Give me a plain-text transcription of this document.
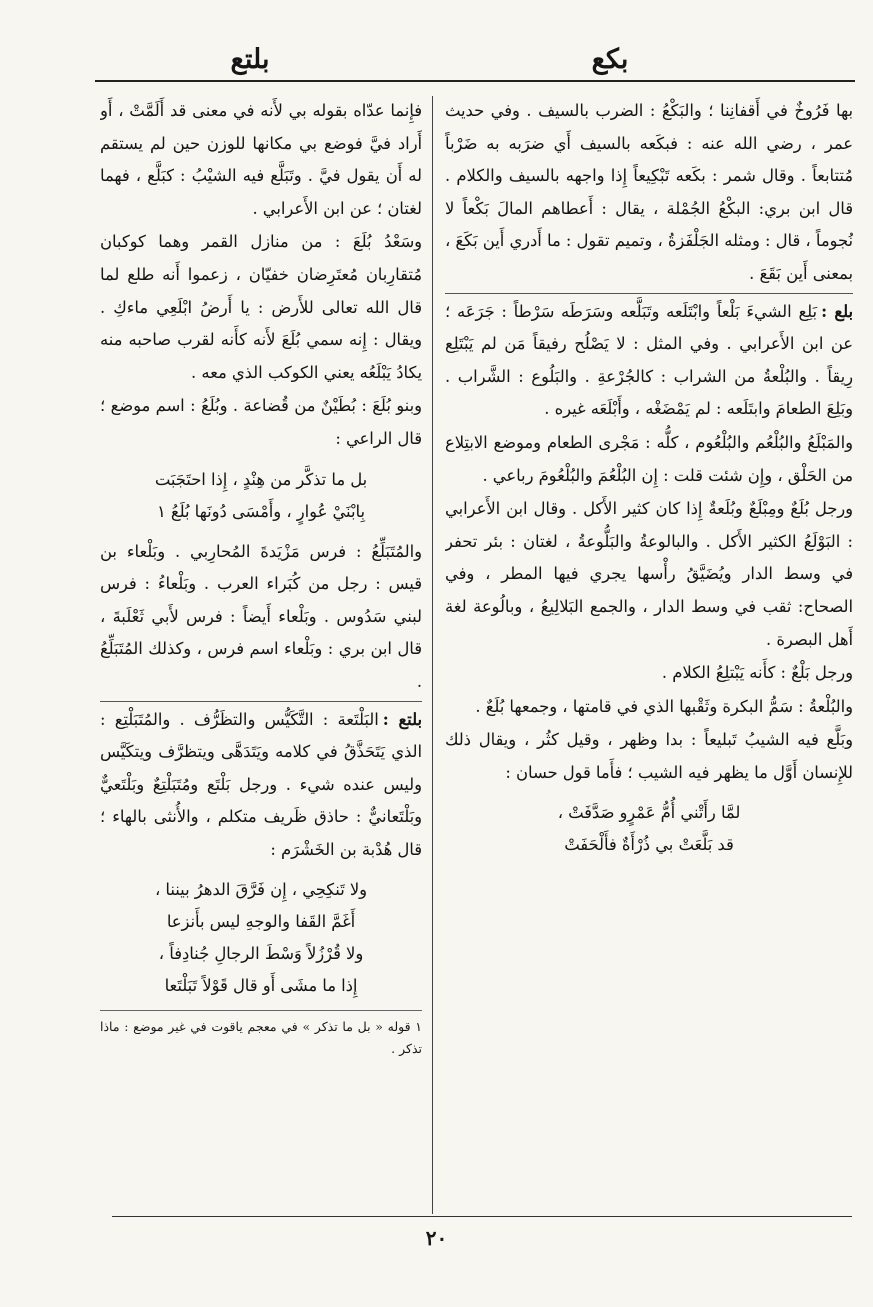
بكع
بلتع

بها فَرُوخٌ في أَقفانِنا ؛ والبَكْعُ : الضرب بالسيف . وفي حديث عمر ، رضي الله عنه : فبكَعه بالسيف أَي ضرَبه به ضَرْباً مُتتابعاً . وقال شمر : بكَعه تَبْكِيعاً إِذا واجهه بالسيف والكلام . قال ابن بري: البكْعُ الجُمْلة ، يقال : أَعطاهم المالَ بَكْعاً لا نُجوماً ، قال : ومثله الجَلْفَزةُ ، وتميم تقول : ما أَدري أَين بَكَعَ ، بمعنى أَين بَقَعَ .

بلع :بَلِع الشيءَ بَلْعاً وابْتَلَعه وتَبَلَّعه وسَرَطَه سَرْطاً : جَرَعَه ؛ عن ابن الأَعرابي . وفي المثل : لا يَصْلُح رفيقاً مَن لم يَبْتَلِع رِيقاً . والبُلْعةُ من الشراب : كالجُرْعةِ . والبَلُوع : الشَّراب . وبَلِعَ الطعامَ وابتَلَعه : لم يَمْضَغْه ، وأَبْلَعَه غيره .

والمَبْلَعُ والبُلْعُم والبُلْعُوم ، كلُّه : مَجْرى الطعام وموضع الابتِلاع من الحَلْق ، وإِن شئت قلت : إِن البُلْعُمَ والبُلْعُومَ رباعي .

ورجل بُلَعٌ ومِبْلَعٌ وبُلَعةٌ إِذا كان كثير الأَكل . وقال ابن الأَعرابي : البَوْلَعُ الكثير الأَكل . والبالوعةُ والبَلُّوعةُ ، لغتان : بئر تحفر في وسط الدار ويُضَيَّقُ رأْسها يجري فيها المطر ، وفي الصحاح: ثقب في وسط الدار ، والجمع البَلالِيعُ ، وبالُوعة لغة أَهل البصرة .

ورجل بَلْعٌ : كأَنه يَبْتلِعُ الكلام .

والبُلْعةُ : سَمُّ البكرة وثَقْبها الذي في قامتها ، وجمعها بُلَعٌ .

وبَلَّع فيه الشيبُ تَبليعاً : بدا وظهر ، وقيل كثُر ، ويقال ذلك للإِنسان أَوَّل ما يظهر فيه الشيب ؛ فأَما قول حسان :

لمَّا رأَتْني أُمُّ عَمْرٍو صَدَّفَتْ ،
قد بَلَّعَتْ بي ذُرْأَةٌ فأَلْحَفَتْ

فإِنما عدّاه بقوله بي لأَنه في معنى قد أَلَمَّتْ ، أَو أَراد فيَّ فوضع بي مكانها للوزن حين لم يستقم له أَن يقول فيَّ . وتَبَلَّع فيه الشيْبُ : كبَلَّع ، فهما لغتان ؛ عن ابن الأَعرابي .

وسَعْدُ بُلَعَ : من منازل القمر وهما كوكبان مُتقارِبان مُعتَرِضان خفيّان ، زعموا أَنه طلع لما قال الله تعالى للأَرض : يا أَرضُ ابْلَعِي ماءكِ . ويقال : إِنه سمي بُلَعَ لأَنه كأَنه لقرب صاحبه منه يكادُ يَبْلَعُه يعني الكوكب الذي معه .

وبنو بُلَعَ : بُطَيْنٌ من قُضاعة . وبُلَعُ : اسم موضع ؛ قال الراعي :

بل ما تذكَّر من هِنْدٍ ، إِذا احتَجَبَت
بِابْنَيْ عُوارٍ ، وأَمْسَى دُونَها بُلَعُ ١

والمُتَبَلِّعُ : فرس مَزْيَدةَ المُحارِبي . وبَلْعاء بن قيس : رجل من كُبَراء العرب . وبَلْعاءُ : فرس لبني سَدُوس . وبَلْعاء أَيضاً : فرس لأَبي ثَعْلَبةَ ، قال ابن بري : وبَلْعاء اسم فرس ، وكذلك المُتَبَلِّعُ .

بلتع :البَلْتَعة : التَّكَيُّس والتظَرُّف . والمُتَبَلْتِع : الذي يَتَحَذَّقُ في كلامه ويَتَدَهَّى ويتظرَّف ويتكَيَّس وليس عنده شيء . ورجل بَلْتَع ومُتَبَلْتِعٌ وبَلْتَعيٌّ وبَلْتَعانيٌّ : حاذق ظَريف متكلم ، والأُنثى بالهاء ؛ قال هُدْبة بن الخَشْرَم :

ولا تَنكِحِي ، إِن فَرَّقَ الدهرُ بيننا ،
أَغَمَّ القَفا والوجهِ ليس بأَنزعا
ولا قُرْزُلاً وَسْطَ الرجالِ جُنادِفاً ،
إِذا ما مشَى أَو قال قَوْلاً تَبَلْتَعا
١ قوله « بل ما تذكر » في معجم ياقوت في غير موضع : ماذا تذكر .
٢٠
